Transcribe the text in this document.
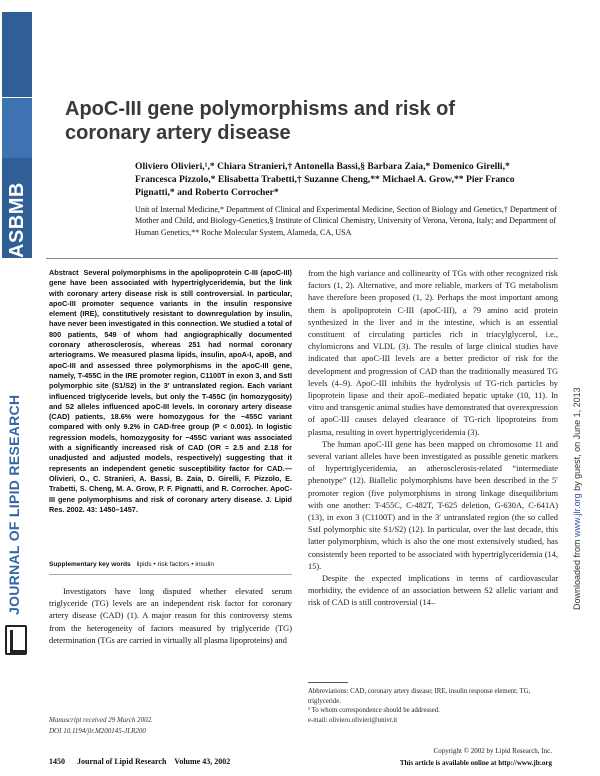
ASBMB
JOURNAL OF LIPID RESEARCH	Downloaded from www.jlr.org by guest, on June 1, 2013
ApoC-III gene polymorphisms and risk of coronary artery disease
Oliviero Olivieri,¹,* Chiara Stranieri,† Antonella Bassi,§ Barbara Zaia,* Domenico Girelli,* Francesca Pizzolo,* Elisabetta Trabetti,† Suzanne Cheng,** Michael A. Grow,** Pier Franco Pignatti,* and Roberto Corrocher*
Unit of Internal Medicine,* Department of Clinical and Experimental Medicine, Section of Biology and Genetics,† Department of Mother and Child, and Biology-Genetics,§ Institute of Clinical Chemistry, University of Verona, Verona, Italy; and Department of Human Genetics,** Roche Molecular System, Alameda, CA, USA
Abstract Several polymorphisms in the apolipoprotein C-III (apoC-III) gene have been associated with hypertriglyceridemia, but the link with coronary artery disease risk is still controversial. In particular, apoC-III promoter sequence variants in the insulin responsive element (IRE), constitutively resistant to downregulation by insulin, have never been investigated in this connection. We studied a total of 800 patients, 549 of whom had angiographically documented coronary atherosclerosis, whereas 251 had normal coronary arteriograms. We measured plasma lipids, insulin, apoA-I, apoB, and apoC-III and assessed three polymorphisms in the apoC-III gene, namely, T-455C in the IRE promoter region, C1100T in exon 3, and SstI polymorphic site (S1/S2) in the 3′ untranslated region. Each variant influenced triglyceride levels, but only the T-455C (in homozygosity) and S2 alleles influenced apoC-III levels. In coronary artery disease (CAD) patients, 18.6% were homozygous for the −455C variant compared with only 9.2% in CAD-free group (P < 0.001). In logistic regression models, homozygosity for −455C variant was associated with a significantly increased risk of CAD (OR = 2.5 and 2.18 for unadjusted and adjusted models, respectively) suggesting that it represents an independent genetic susceptibility factor for CAD.—Olivieri, O., C. Stranieri, A. Bassi, B. Zaia, D. Girelli, F. Pizzolo, E. Trabetti, S. Cheng, M. A. Grow, P. F. Pignatti, and R. Corrocher. ApoC-III gene polymorphisms and risk of coronary artery disease. J. Lipid Res. 2002. 43: 1450–1457.
Supplementary key words lipids • risk factors • insulin

Investigators have long disputed whether elevated serum triglyceride (TG) levels are an independent risk factor for coronary artery disease (CAD) (1). A major reason for this controversy stems from the heterogeneity of factors measured by triglyceride (TG) determination (TGs are carried in virtually all plasma lipoproteins) and

Manuscript received 29 March 2002.
DOI 10.1194/jlr.M200145-JLR200
1450 Journal of Lipid Research Volume 43, 2002

from the high variance and collinearity of TGs with other recognized risk factors (1, 2). Alternative, and more reliable, markers of TG metabolism have therefore been proposed (1, 2). Perhaps the most important among them is apolipoprotein C-III (apoC-III), a 79 amino acid protein synthesized in the liver and in the intestine, which is an essential constituent of circulating particles rich in triacylglycerol, i.e., chylomicrons and VLDL (3). The results of large clinical studies have indicated that apoC-III levels are a better predictor of risk for the development and progression of CAD than the traditionally measured TG levels (4–9). ApoC-III inhibits the hydrolysis of TG-rich particles by lipoprotein lipase and their apoE–mediated hepatic uptake (10, 11). In vitro and transgenic animal studies have demonstrated that overexpression of apoC-III causes delayed clearance of TG-rich lipoproteins from plasma, resulting in overt hypertriglyceridemia (3).

The human apoC-III gene has been mapped on chromosome 11 and several variant alleles have been investigated as possible genetic markers of hypertriglyceridemia, an atherosclerosis-related “intermediate phenotype” (12). Biallelic polymorphisms have been described in the 5′ promoter region (five polymorphisms in strong linkage disequilibrium with one another: T-455C, C-482T, T-625 deletion, G-630A, C-641A) (13), in exon 3 (C1100T) and in the 3′ untranslated region (the so called SstI polymorphic site S1/S2) (12). In particular, over the last decade, this latter polymorphism, which is also the one most extensively studied, has consistently been reported to be associated with hypertriglyceridemia (14, 15).

Despite the expected implications in terms of cardiovascular morbidity, the evidence of an association between S2 allelic variant and risk of CAD is still controversial (14–

Abbreviations: CAD, coronary artery disease; IRE, insulin response element; TG, triglyceride.
¹ To whom correspondence should be addressed.
e-mail: oliviero.olivieri@univr.it
Copyright © 2002 by Lipid Research, Inc.
This article is available online at http://www.jlr.org
